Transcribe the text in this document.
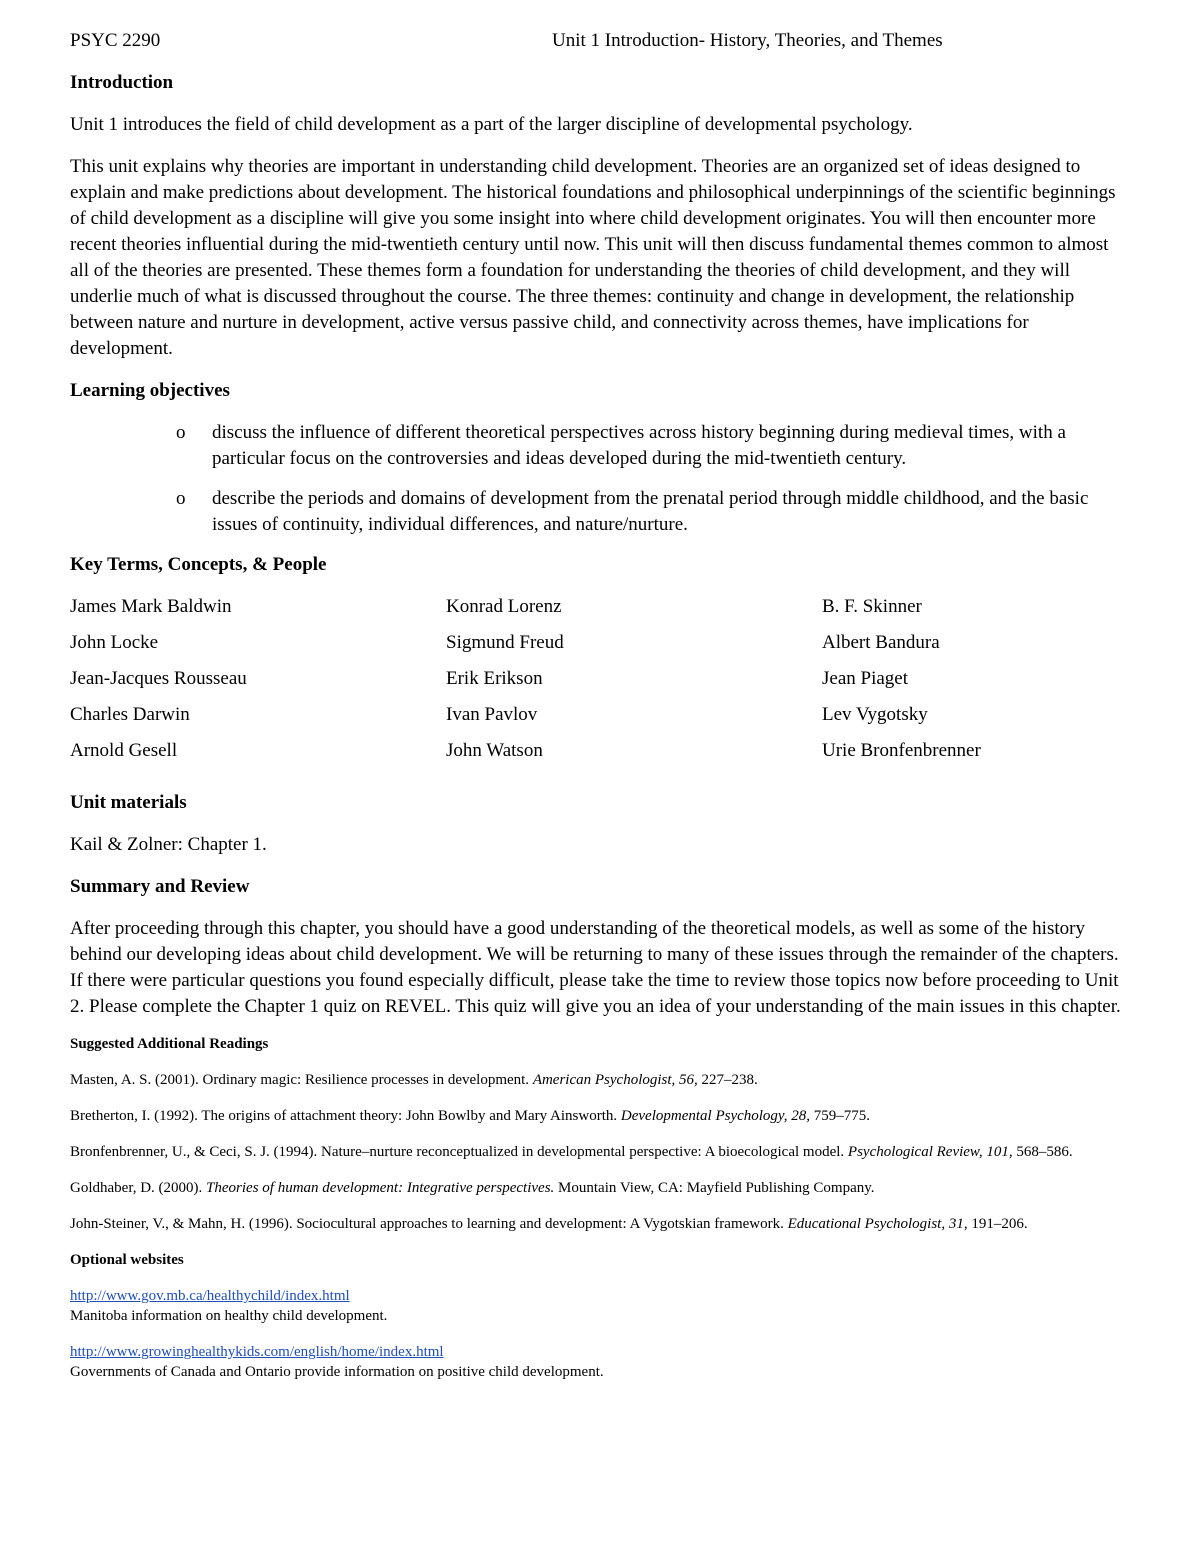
PSYC 2290	Unit 1 Introduction- History, Theories, and Themes
Introduction

Unit 1 introduces the field of child development as a part of the larger discipline of developmental psychology.

This unit explains why theories are important in understanding child development. Theories are an organized set of ideas designed to explain and make predictions about development. The historical foundations and philosophical underpinnings of the scientific beginnings of child development as a discipline will give you some insight into where child development originates. You will then encounter more recent theories influential during the mid-twentieth century until now. This unit will then discuss fundamental themes common to almost all of the theories are presented. These themes form a foundation for understanding the theories of child development, and they will underlie much of what is discussed throughout the course. The three themes: continuity and change in development, the relationship between nature and nurture in development, active versus passive child, and connectivity across themes, have implications for development.

Learning objectives
o discuss the influence of different theoretical perspectives across history beginning during medieval times, with a particular focus on the controversies and ideas developed during the mid-twentieth century.
o describe the periods and domains of development from the prenatal period through middle childhood, and the basic issues of continuity, individual differences, and nature/nurture.
Key Terms, Concepts, & People
James Mark Baldwin	Konrad Lorenz	B. F. Skinner
John Locke	Sigmund Freud	Albert Bandura
Jean-Jacques Rousseau	Erik Erikson	Jean Piaget
Charles Darwin	Ivan Pavlov	Lev Vygotsky
Arnold Gesell	John Watson	Urie Bronfenbrenner
Unit materials

Kail & Zolner: Chapter 1.

Summary and Review

After proceeding through this chapter, you should have a good understanding of the theoretical models, as well as some of the history behind our developing ideas about child development. We will be returning to many of these issues through the remainder of the chapters. If there were particular questions you found especially difficult, please take the time to review those topics now before proceeding to Unit 2. Please complete the Chapter 1 quiz on REVEL. This quiz will give you an idea of your understanding of the main issues in this chapter.

Suggested Additional Readings

Masten, A. S. (2001). Ordinary magic: Resilience processes in development. American Psychologist, 56, 227–238.

Bretherton, I. (1992). The origins of attachment theory: John Bowlby and Mary Ainsworth. Developmental Psychology, 28, 759–775.

Bronfenbrenner, U., & Ceci, S. J. (1994). Nature–nurture reconceptualized in developmental perspective: A bioecological model. Psychological Review, 101, 568–586.

Goldhaber, D. (2000). Theories of human development: Integrative perspectives. Mountain View, CA: Mayfield Publishing Company.

John-Steiner, V., & Mahn, H. (1996). Sociocultural approaches to learning and development: A Vygotskian framework. Educational Psychologist, 31, 191–206.

Optional websites
http://www.gov.mb.ca/healthychild/index.html
Manitoba information on healthy child development.
http://www.growinghealthykids.com/english/home/index.html
Governments of Canada and Ontario provide information on positive child development.
